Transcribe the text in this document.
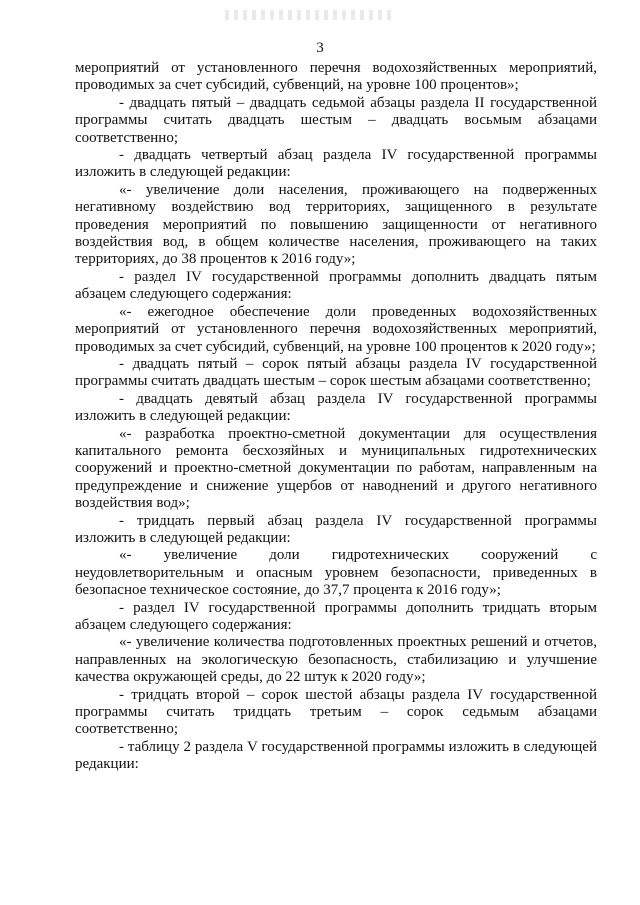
3

мероприятий от установленного перечня водохозяйственных мероприятий, проводимых за счет субсидий, субвенций, на уровне 100 процентов»;

- двадцать пятый – двадцать седьмой абзацы раздела II государственной программы считать двадцать шестым – двадцать восьмым абзацами соответственно;

- двадцать четвертый абзац раздела IV государственной программы изложить в следующей редакции:

«- увеличение доли населения, проживающего на подверженных негативному воздействию вод территориях, защищенного в результате проведения мероприятий по повышению защищенности от негативного воздействия вод, в общем количестве населения, проживающего на таких территориях, до 38 процентов к 2016 году»;

- раздел IV государственной программы дополнить двадцать пятым абзацем следующего содержания:

«- ежегодное обеспечение доли проведенных водохозяйственных мероприятий от установленного перечня водохозяйственных мероприятий, проводимых за счет субсидий, субвенций, на уровне 100 процентов к 2020 году»;

- двадцать пятый – сорок пятый абзацы раздела IV государственной программы считать двадцать шестым – сорок шестым абзацами соответственно;

- двадцать девятый абзац раздела IV государственной программы изложить в следующей редакции:

«- разработка проектно-сметной документации для осуществления капитального ремонта бесхозяйных и муниципальных гидротехнических сооружений и проектно-сметной документации по работам, направленным на предупреждение и снижение ущербов от наводнений и другого негативного воздействия вод»;

- тридцать первый абзац раздела IV государственной программы изложить в следующей редакции:

«- увеличение доли гидротехнических сооружений с неудовлетворительным и опасным уровнем безопасности, приведенных в безопасное техническое состояние, до 37,7 процента к 2016 году»;

- раздел IV государственной программы дополнить тридцать вторым абзацем следующего содержания:

«- увеличение количества подготовленных проектных решений и отчетов, направленных на экологическую безопасность, стабилизацию и улучшение качества окружающей среды, до 22 штук к 2020 году»;

- тридцать второй – сорок шестой абзацы раздела IV государственной программы считать тридцать третьим – сорок седьмым абзацами соответственно;

- таблицу 2 раздела V государственной программы изложить в следующей редакции:
